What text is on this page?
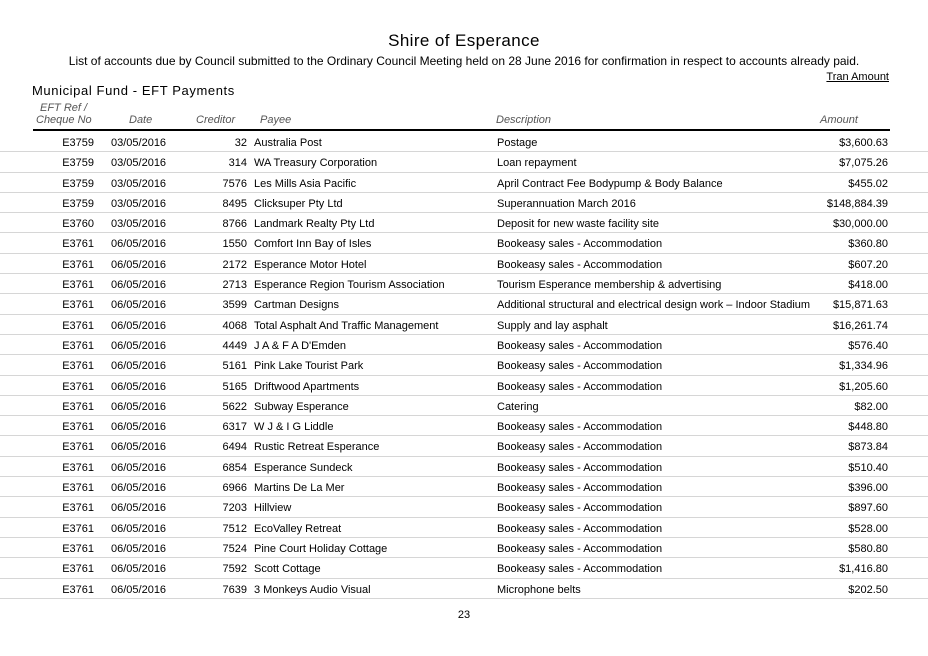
Shire of Esperance
List of accounts due by Council submitted to the Ordinary Council Meeting held on 28 June 2016 for confirmation in respect to accounts already paid.
Tran Amount
Municipal Fund - EFT Payments
EFT Ref /
Cheque No	Date	Creditor Payee	Description	Amount
E3759 03/05/2016	32 Australia Post	Postage	$3,600.63
E3759 03/05/2016	314 WA Treasury Corporation	Loan repayment	$7,075.26
E3759 03/05/2016	7576 Les Mills Asia Pacific	April Contract Fee Bodypump & Body Balance	$455.02
E3759 03/05/2016	8495 Clicksuper Pty Ltd	Superannuation March 2016	$148,884.39
E3760 03/05/2016	8766 Landmark Realty Pty Ltd	Deposit for new waste facility site	$30,000.00
E3761 06/05/2016	1550 Comfort Inn Bay of Isles	Bookeasy sales - Accommodation	$360.80
E3761 06/05/2016	2172 Esperance Motor Hotel	Bookeasy sales - Accommodation	$607.20
E3761 06/05/2016	2713 Esperance Region Tourism Association	Tourism Esperance membership & advertising	$418.00
E3761 06/05/2016	3599 Cartman Designs	Additional structural and electrical design work – Indoor Stadium $15,871.63
E3761 06/05/2016	4068 Total Asphalt And Traffic Management	Supply and lay asphalt	$16,261.74
E3761 06/05/2016	4449 J A & F A D'Emden	Bookeasy sales - Accommodation	$576.40
E3761 06/05/2016	5161 Pink Lake Tourist Park	Bookeasy sales - Accommodation	$1,334.96
E3761 06/05/2016	5165 Driftwood Apartments	Bookeasy sales - Accommodation	$1,205.60
E3761 06/05/2016	5622 Subway Esperance	Catering	$82.00
E3761 06/05/2016	6317 W J & I G Liddle	Bookeasy sales - Accommodation	$448.80
E3761 06/05/2016	6494 Rustic Retreat Esperance	Bookeasy sales - Accommodation	$873.84
E3761 06/05/2016	6854 Esperance Sundeck	Bookeasy sales - Accommodation	$510.40
E3761 06/05/2016	6966 Martins De La Mer	Bookeasy sales - Accommodation	$396.00
E3761 06/05/2016	7203 Hillview	Bookeasy sales - Accommodation	$897.60
E3761 06/05/2016	7512 EcoValley Retreat	Bookeasy sales - Accommodation	$528.00
E3761 06/05/2016	7524 Pine Court Holiday Cottage	Bookeasy sales - Accommodation	$580.80
E3761 06/05/2016	7592 Scott Cottage	Bookeasy sales - Accommodation	$1,416.80
E3761 06/05/2016	7639 3 Monkeys Audio Visual	Microphone belts	$202.50
23
